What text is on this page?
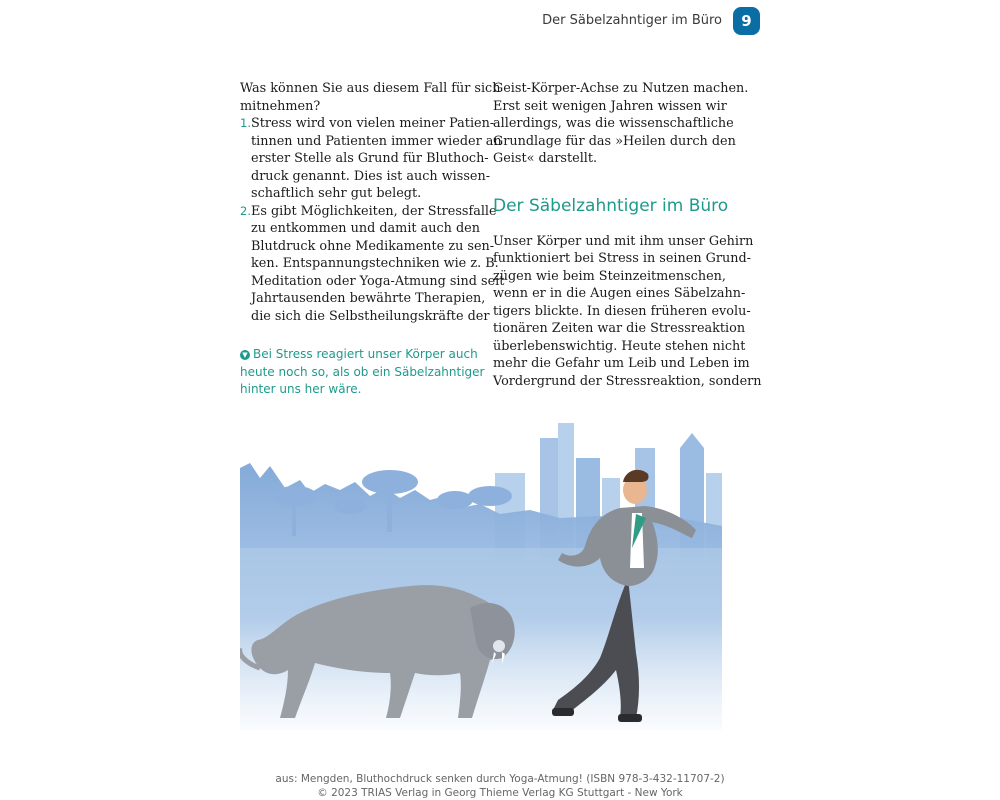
Der Säbelzahntiger im Büro	9
Was können Sie aus diesem Fall für sich
mitnehmen?
1. Stress wird von vielen meiner Patien-
tinnen und Patienten immer wieder an
erster Stelle als Grund für Bluthoch-
druck genannt. Dies ist auch wissen-
schaftlich sehr gut belegt.
2. Es gibt Möglichkeiten, der Stressfalle
zu entkommen und damit auch den
Blutdruck ohne Medikamente zu sen-
ken. Entspannungstechniken wie z. B.
Meditation oder Yoga-Atmung sind seit
Jahrtausenden bewährte Therapien,
die sich die Selbstheilungskräfte der
▼ Bei Stress reagiert unser Körper auch
heute noch so, als ob ein Säbelzahntiger
hinter uns her wäre.
Geist-Körper-Achse zu Nutzen machen.
Erst seit wenigen Jahren wissen wir
allerdings, was die wissenschaftliche
Grundlage für das »Heilen durch den
Geist« darstellt.
Der Säbelzahntiger im Büro
Unser Körper und mit ihm unser Gehirn
funktioniert bei Stress in seinen Grund-
zügen wie beim Steinzeitmenschen,
wenn er in die Augen eines Säbelzahn-
tigers blickte. In diesen früheren evolu-
tionären Zeiten war die Stressreaktion
überlebenswichtig. Heute stehen nicht
mehr die Gefahr um Leib und Leben im
Vordergrund der Stressreaktion, sondern
aus: Mengden, Bluthochdruck senken durch Yoga-Atmung! (ISBN 978-3-432-11707-2)
© 2023 TRIAS Verlag in Georg Thieme Verlag KG Stuttgart - New York
